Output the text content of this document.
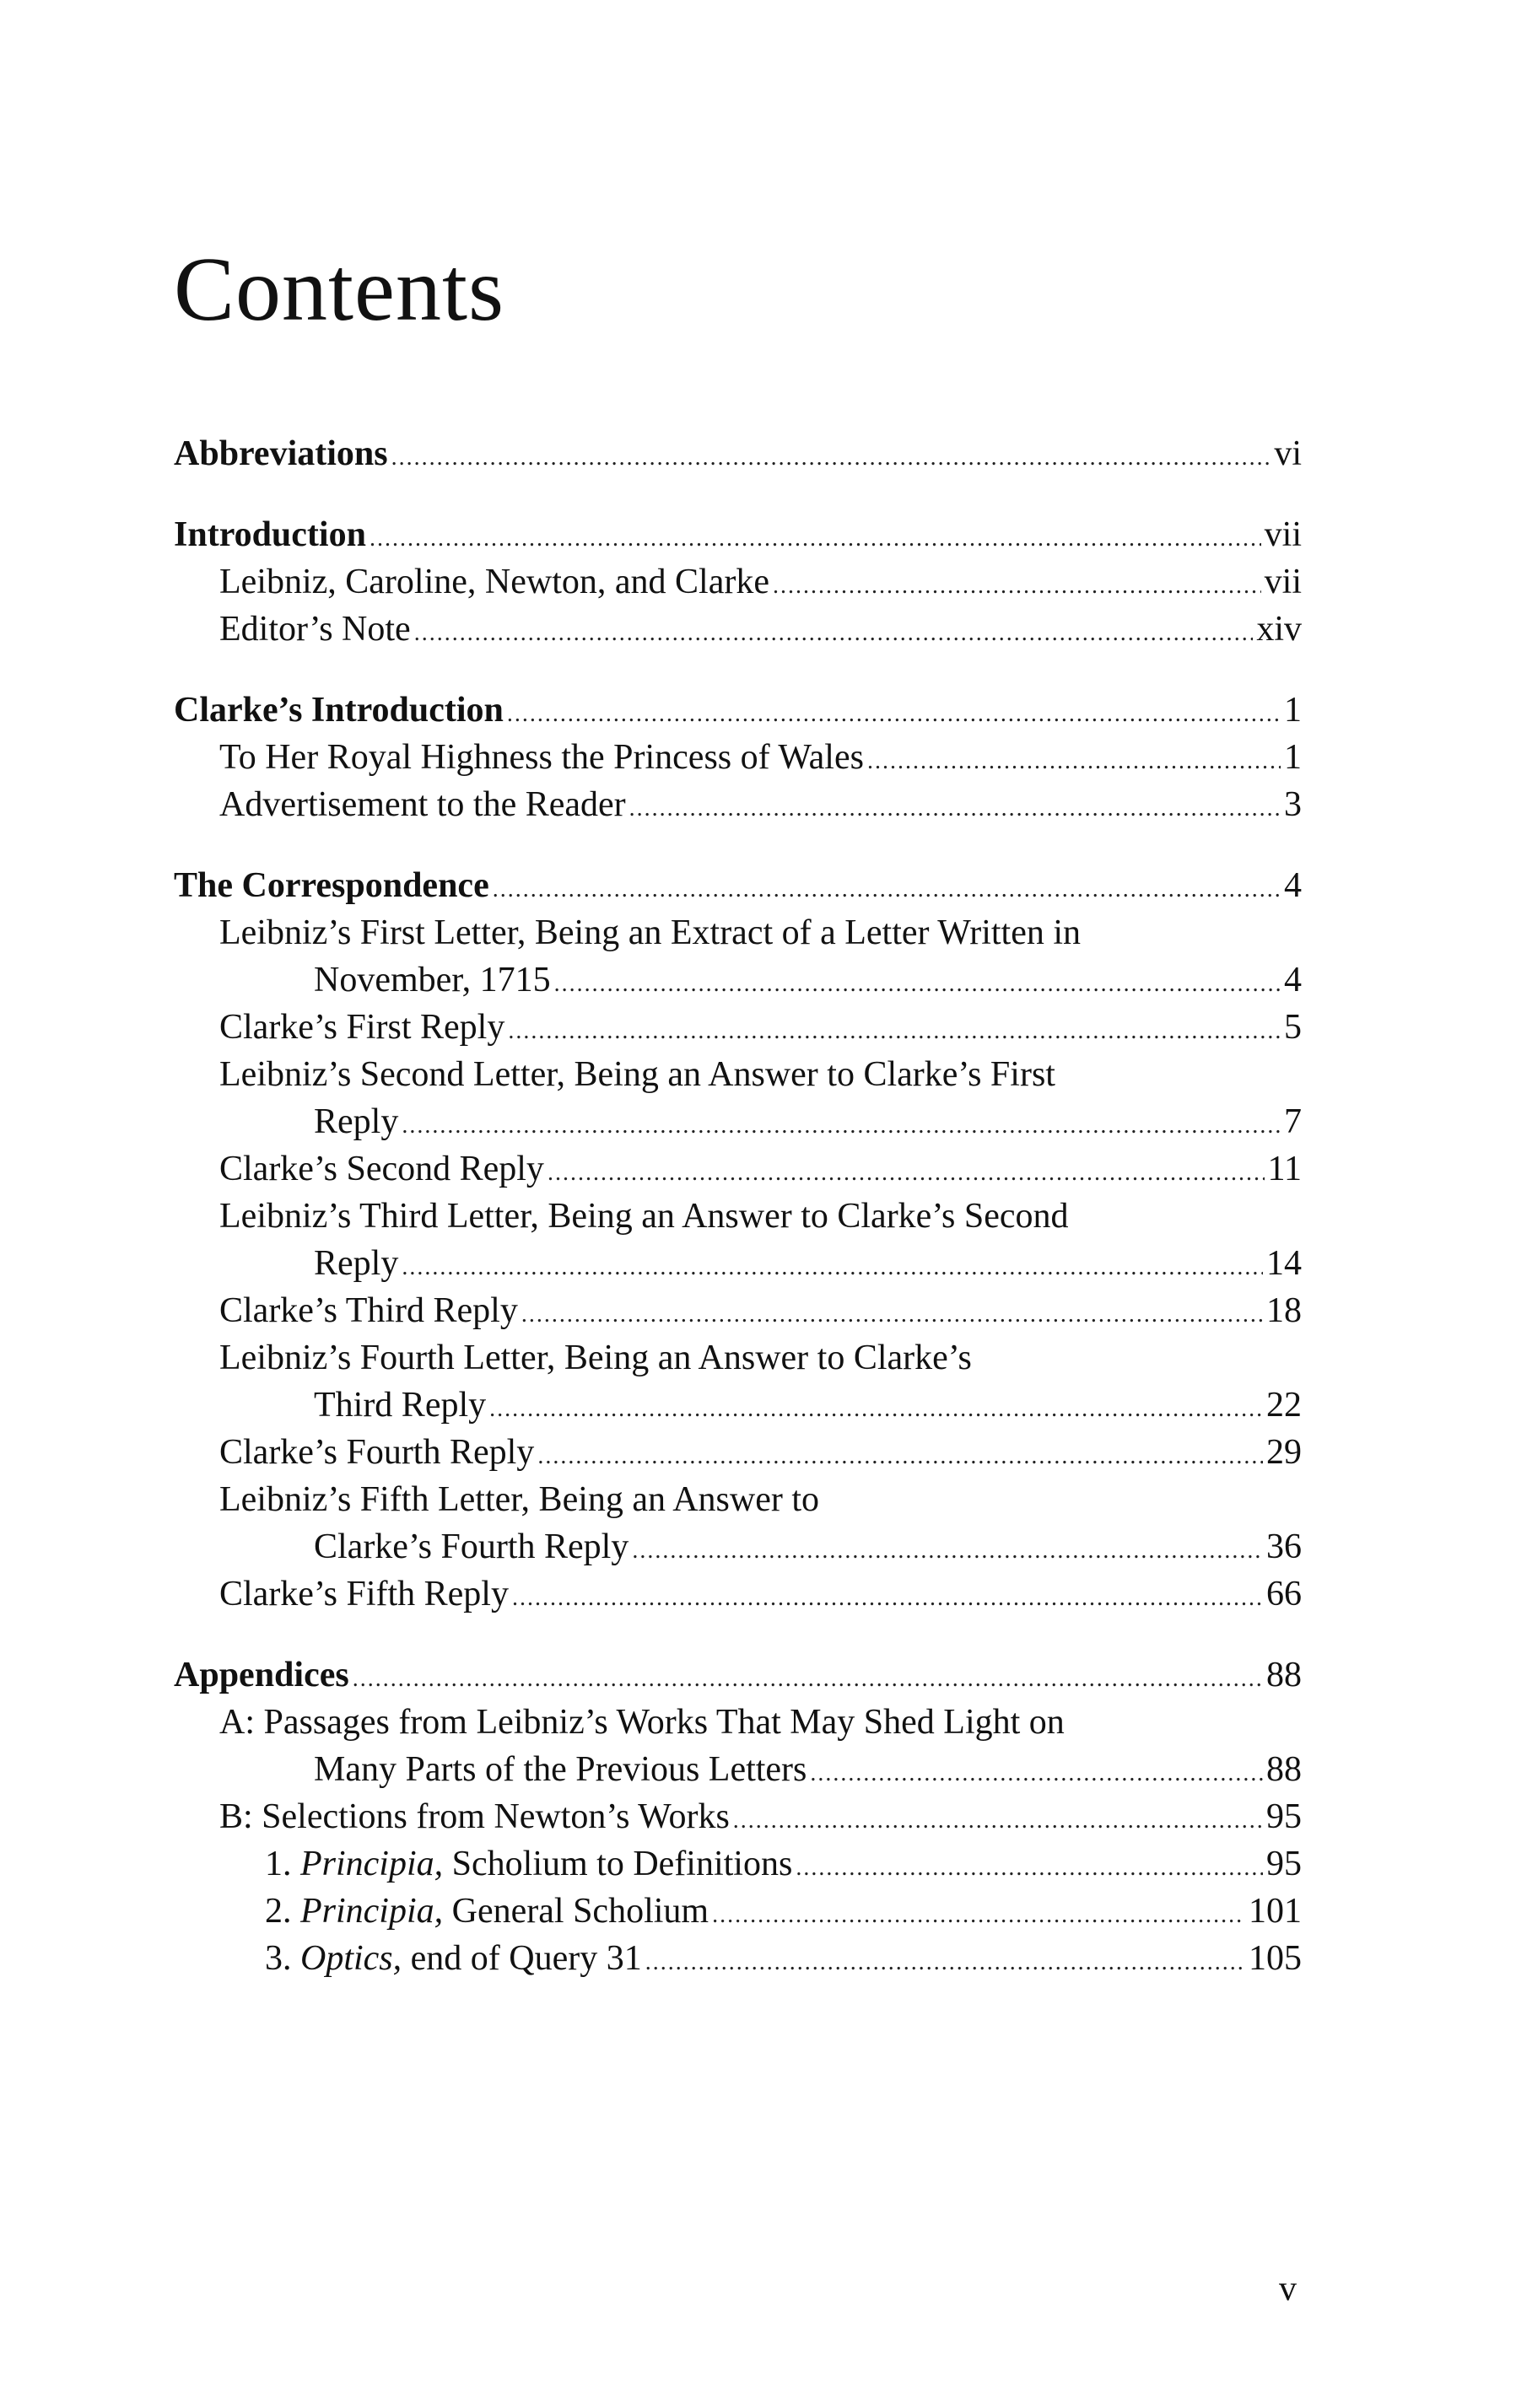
Contents
Abbreviations .....	vi
Introduction .....	vii
Leibniz, Caroline, Newton, and Clarke .....	vii
Editor’s Note .....	xiv
Clarke’s Introduction .....	1
To Her Royal Highness the Princess of Wales .....	1
Advertisement to the Reader .....	3
The Correspondence .....	4
Leibniz’s First Letter, Being an Extract of a Letter Written in
November, 1715 .....	4
Clarke’s First Reply .....	5
Leibniz’s Second Letter, Being an Answer to Clarke’s First
Reply .....	7
Clarke’s Second Reply .....	11
Leibniz’s Third Letter, Being an Answer to Clarke’s Second
Reply .....	14
Clarke’s Third Reply .....	18
Leibniz’s Fourth Letter, Being an Answer to Clarke’s
Third Reply .....	22
Clarke’s Fourth Reply .....	29
Leibniz’s Fifth Letter, Being an Answer to
Clarke’s Fourth Reply .....	36
Clarke’s Fifth Reply .....	66
Appendices .....	88
A: Passages from Leibniz’s Works That May Shed Light on
Many Parts of the Previous Letters .....	88
B: Selections from Newton’s Works .....	95
1. Principia, Scholium to Definitions .....	95
2. Principia, General Scholium .....	101
3. Optics, end of Query 31 .....	105
v
